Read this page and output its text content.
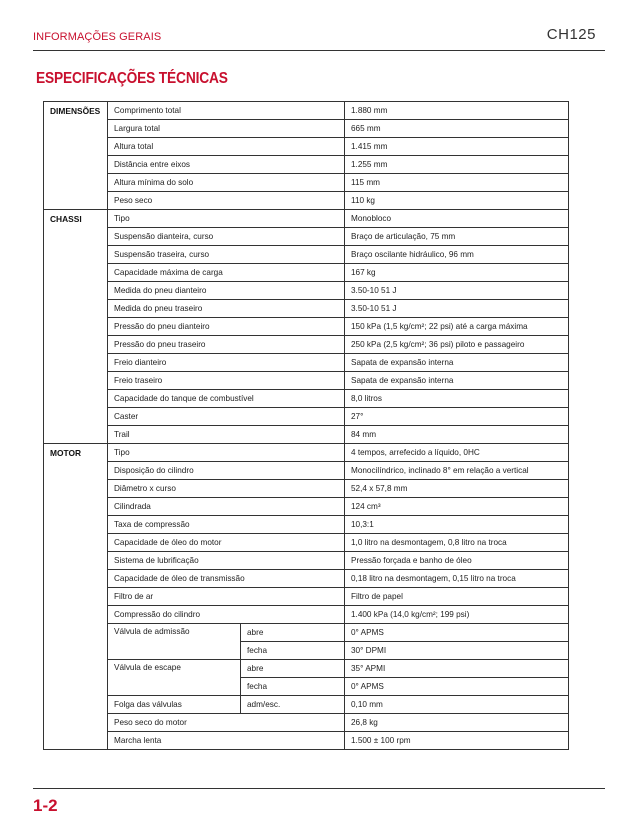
INFORMAÇÕES GERAIS	CH125
ESPECIFICAÇÕES TÉCNICAS
DIMENSÕES	Comprimento total		1.880 mm
	Largura total		665 mm
	Altura total		1.415 mm
	Distância entre eixos		1.255 mm
	Altura mínima do solo		115 mm
	Peso seco		110 kg
CHASSI	Tipo		Monobloco
	Suspensão dianteira, curso		Braço de articulação, 75 mm
	Suspensão traseira, curso		Braço oscilante hidráulico, 96 mm
	Capacidade máxima de carga		167 kg
	Medida do pneu dianteiro		3.50-10 51 J
	Medida do pneu traseiro		3.50-10 51 J
	Pressão do pneu dianteiro		150 kPa (1,5 kg/cm²; 22 psi) até a carga máxima
	Pressão do pneu traseiro		250 kPa (2,5 kg/cm²; 36 psi) piloto e passageiro
	Freio dianteiro		Sapata de expansão interna
	Freio traseiro		Sapata de expansão interna
	Capacidade do tanque de combustível		8,0 litros
	Caster		27°
	Trail		84 mm
MOTOR	Tipo		4 tempos, arrefecido a líquido, 0HC
	Disposição do cilindro		Monocilíndrico, inclinado 8° em relação a vertical
	Diâmetro x curso		52,4 x 57,8 mm
	Cilindrada		124 cm³
	Taxa de compressão		10,3:1
	Capacidade de óleo do motor		1,0 litro na desmontagem, 0,8 litro na troca
	Sistema de lubrificação		Pressão forçada e banho de óleo
	Capacidade de óleo de transmissão		0,18 litro na desmontagem, 0,15 litro na troca
	Filtro de ar		Filtro de papel
	Compressão do cilindro		1.400 kPa (14,0 kg/cm²; 199 psi)
	Válvula de admissão	abre	0° APMS
		fecha	30° DPMI
	Válvula de escape	abre	35° APMI
		fecha	0° APMS
	Folga das válvulas	adm/esc.	0,10 mm
	Peso seco do motor		26,8 kg
	Marcha lenta		1.500 ± 100 rpm
1-2
